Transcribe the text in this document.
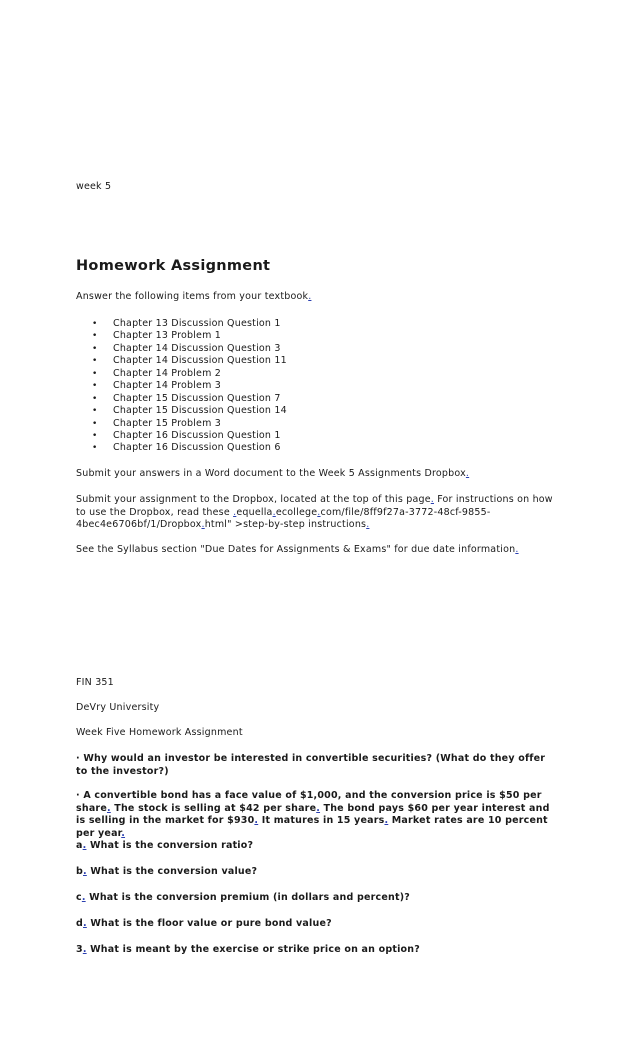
week 5

Homework Assignment

Answer the following items from your textbook.

• Chapter 13 Discussion Question 1
• Chapter 13 Problem 1
• Chapter 14 Discussion Question 3
• Chapter 14 Discussion Question 11
• Chapter 14 Problem 2
• Chapter 14 Problem 3
• Chapter 15 Discussion Question 7
• Chapter 15 Discussion Question 14
• Chapter 15 Problem 3
• Chapter 16 Discussion Question 1
• Chapter 16 Discussion Question 6

Submit your answers in a Word document to the Week 5 Assignments Dropbox.

Submit your assignment to the Dropbox, located at the top of this page. For instructions on how to use the Dropbox, read these .equella.ecollege.com/file/8ff9f27a-3772-48cf-9855-4bec4e6706bf/1/Dropbox.html" >step-by-step instructions.

See the Syllabus section "Due Dates for Assignments & Exams" for due date information.

FIN 351

DeVry University

Week Five Homework Assignment

· Why would an investor be interested in convertible securities? (What do they offer to the investor?)

· A convertible bond has a face value of $1,000, and the conversion price is $50 per share. The stock is selling at $42 per share. The bond pays $60 per year interest and is selling in the market for $930. It matures in 15 years. Market rates are 10 percent per year.

a. What is the conversion ratio?

b. What is the conversion value?

c. What is the conversion premium (in dollars and percent)?

d. What is the floor value or pure bond value?

3. What is meant by the exercise or strike price on an option?
